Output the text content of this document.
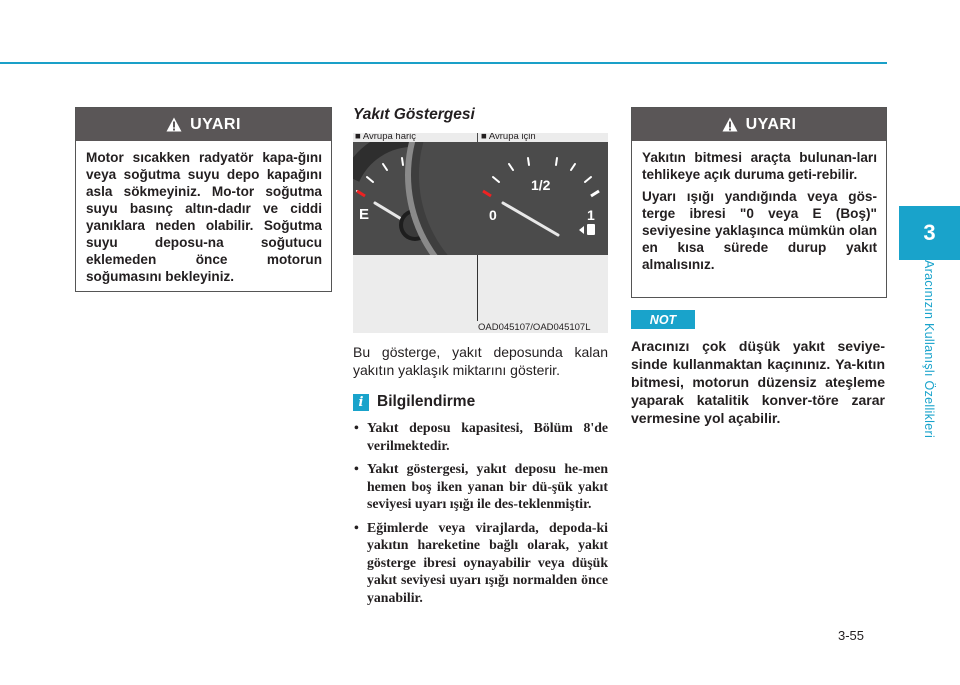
UYARI

Motor sıcakken radyatör kapa-ğını veya soğutma suyu depo kapağını asla sökmeyiniz. Mo-tor soğutma suyu basınç altın-dadır ve ciddi yanıklara neden olabilir. Soğutma suyu deposu-na soğutucu eklemeden önce motorun soğumasını bekleyiniz.

Yakıt Göstergesi
E
1/2
0	1
■ Avrupa hariç	■ Avrupa için
OAD045107/OAD045107L
Bu gösterge, yakıt deposunda kalan yakıtın yaklaşık miktarını gösterir.
i Bilgilendirme
• Yakıt deposu kapasitesi, Bölüm 8'de verilmektedir.
• Yakıt göstergesi, yakıt deposu he-men hemen boş iken yanan bir dü-şük yakıt seviyesi uyarı ışığı ile des-teklenmiştir.
• Eğimlerde veya virajlarda, depoda-ki yakıtın hareketine bağlı olarak, yakıt gösterge ibresi oynayabilir veya düşük yakıt seviyesi uyarı ışığı normalden önce yanabilir.
UYARI

Yakıtın bitmesi araçta bulunan-ları tehlikeye açık duruma geti-rebilir.

Uyarı ışığı yandığında veya gös-terge ibresi "0 veya E (Boş)" seviyesine yaklaşınca mümkün olan en kısa sürede durup yakıt almalısınız.

NOT
Aracınızı çok düşük yakıt seviye-sinde kullanmaktan kaçınınız. Ya-kıtın bitmesi, motorun düzensiz ateşleme yaparak katalitik konver-töre zarar vermesine yol açabilir.
3
Aracınızın Kullanışlı Özellikleri
3-55
